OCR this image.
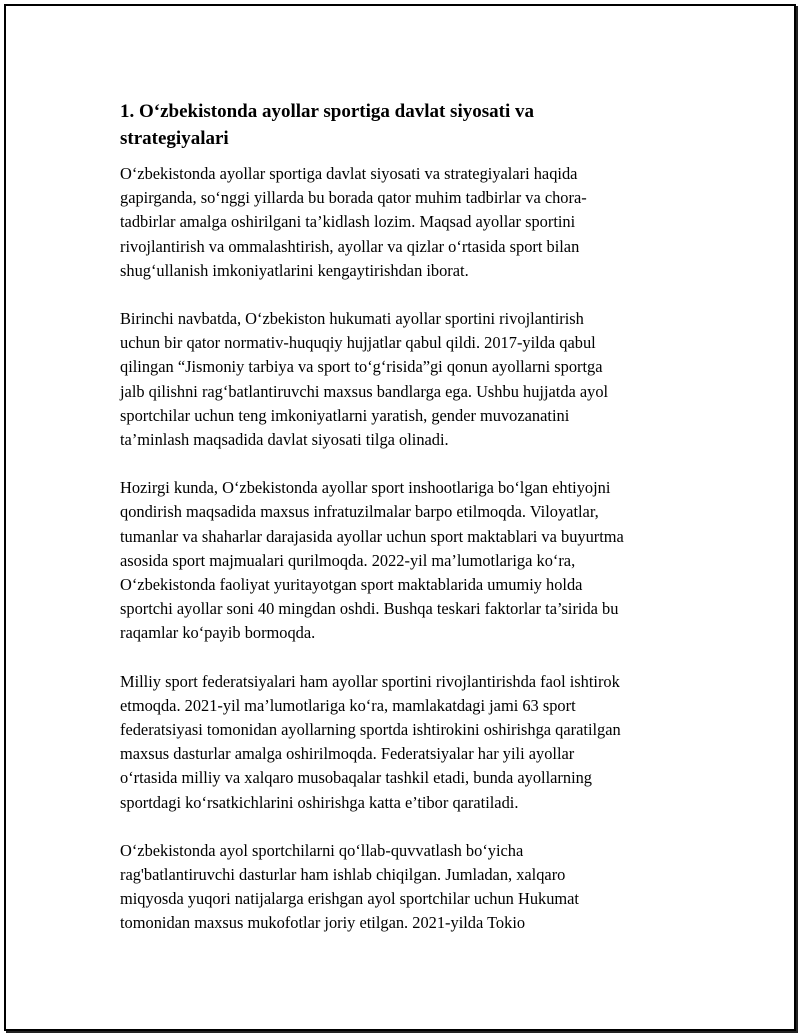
1. O‘zbekistonda ayollar sportiga davlat siyosati va
strategiyalari

O‘zbekistonda ayollar sportiga davlat siyosati va strategiyalari haqida
gapirganda, so‘nggi yillarda bu borada qator muhim tadbirlar va chora-
tadbirlar amalga oshirilgani ta’kidlash lozim. Maqsad ayollar sportini
rivojlantirish va ommalashtirish, ayollar va qizlar o‘rtasida sport bilan
shug‘ullanish imkoniyatlarini kengaytirishdan iborat.

Birinchi navbatda, O‘zbekiston hukumati ayollar sportini rivojlantirish
uchun bir qator normativ-huquqiy hujjatlar qabul qildi. 2017-yilda qabul
qilingan “Jismoniy tarbiya va sport to‘g‘risida”gi qonun ayollarni sportga
jalb qilishni rag‘batlantiruvchi maxsus bandlarga ega. Ushbu hujjatda ayol
sportchilar uchun teng imkoniyatlarni yaratish, gender muvozanatini
ta’minlash maqsadida davlat siyosati tilga olinadi.

Hozirgi kunda, O‘zbekistonda ayollar sport inshootlariga bo‘lgan ehtiyojni
qondirish maqsadida maxsus infratuzilmalar barpo etilmoqda. Viloyatlar,
tumanlar va shaharlar darajasida ayollar uchun sport maktablari va buyurtma
asosida sport majmualari qurilmoqda. 2022-yil ma’lumotlariga ko‘ra,
O‘zbekistonda faoliyat yuritayotgan sport maktablarida umumiy holda
sportchi ayollar soni 40 mingdan oshdi. Bushqa teskari faktorlar ta’sirida bu
raqamlar ko‘payib bormoqda.

Milliy sport federatsiyalari ham ayollar sportini rivojlantirishda faol ishtirok
etmoqda. 2021-yil ma’lumotlariga ko‘ra, mamlakatdagi jami 63 sport
federatsiyasi tomonidan ayollarning sportda ishtirokini oshirishga qaratilgan
maxsus dasturlar amalga oshirilmoqda. Federatsiyalar har yili ayollar
o‘rtasida milliy va xalqaro musobaqalar tashkil etadi, bunda ayollarning
sportdagi ko‘rsatkichlarini oshirishga katta e’tibor qaratiladi.

O‘zbekistonda ayol sportchilarni qo‘llab-quvvatlash bo‘yicha
rag'batlantiruvchi dasturlar ham ishlab chiqilgan. Jumladan, xalqaro
miqyosda yuqori natijalarga erishgan ayol sportchilar uchun Hukumat
tomonidan maxsus mukofotlar joriy etilgan. 2021-yilda Tokio
